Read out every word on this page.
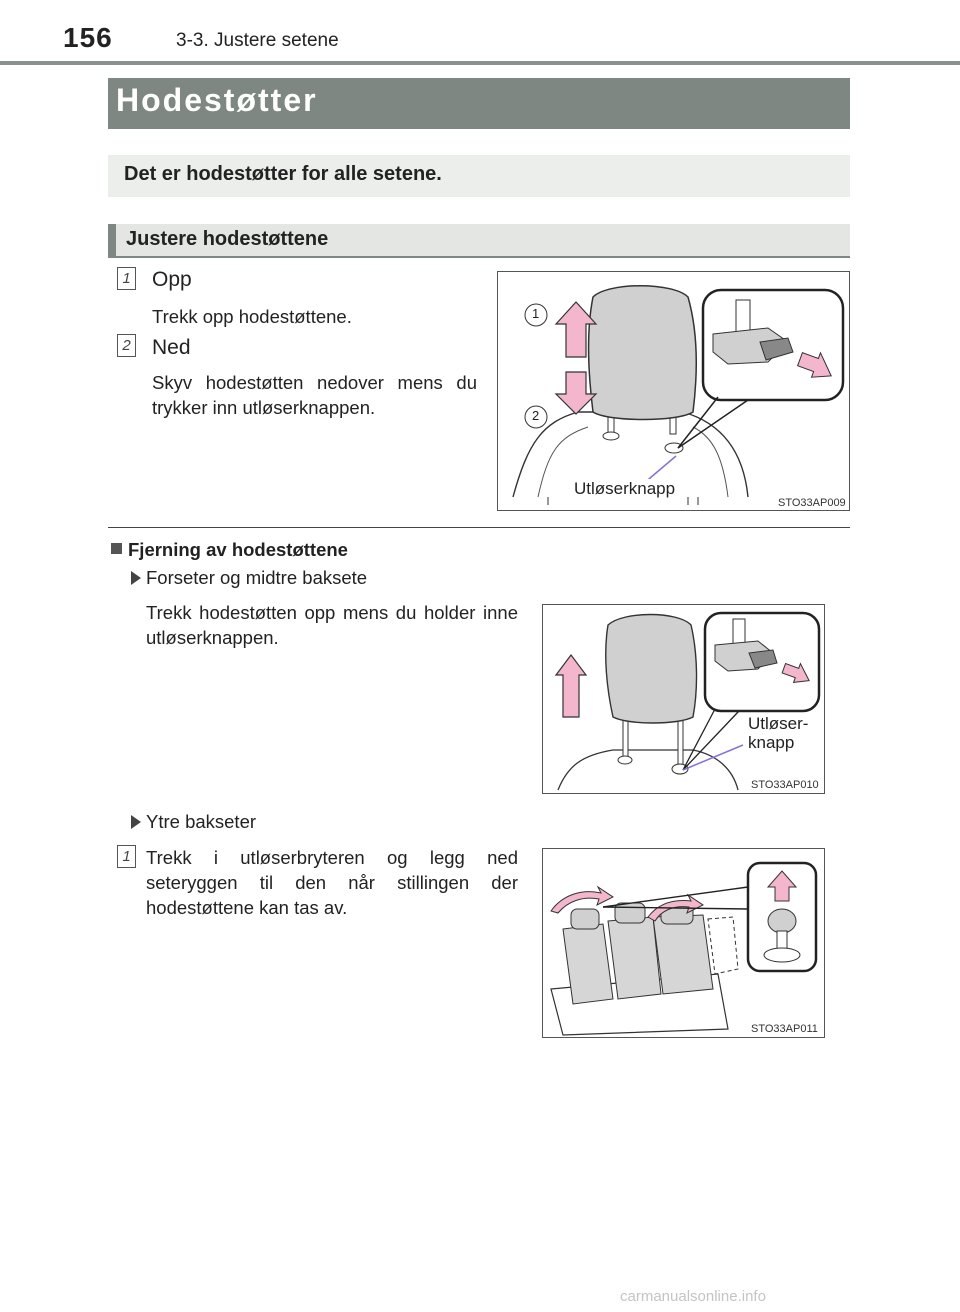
156	3-3. Justere setene
Hodestøtter
Det er hodestøtter for alle setene.
Justere hodestøttene
1 Opp
Trekk opp hodestøttene.
2 Ned
Skyv hodestøtten nedover mens du trykker inn utløserknappen.
1
2
Utløserknapp
STO33AP009
Fjerning av hodestøttene
Forseter og midtre baksete
Trekk hodestøtten opp mens du holder inne utløserknappen.
Utløser-
knapp
STO33AP010
Ytre bakseter
1 Trekk i utløserbryteren og legg ned seteryggen til den når stillingen der hodestøttene kan tas av.
STO33AP011
carmanualsonline.info
